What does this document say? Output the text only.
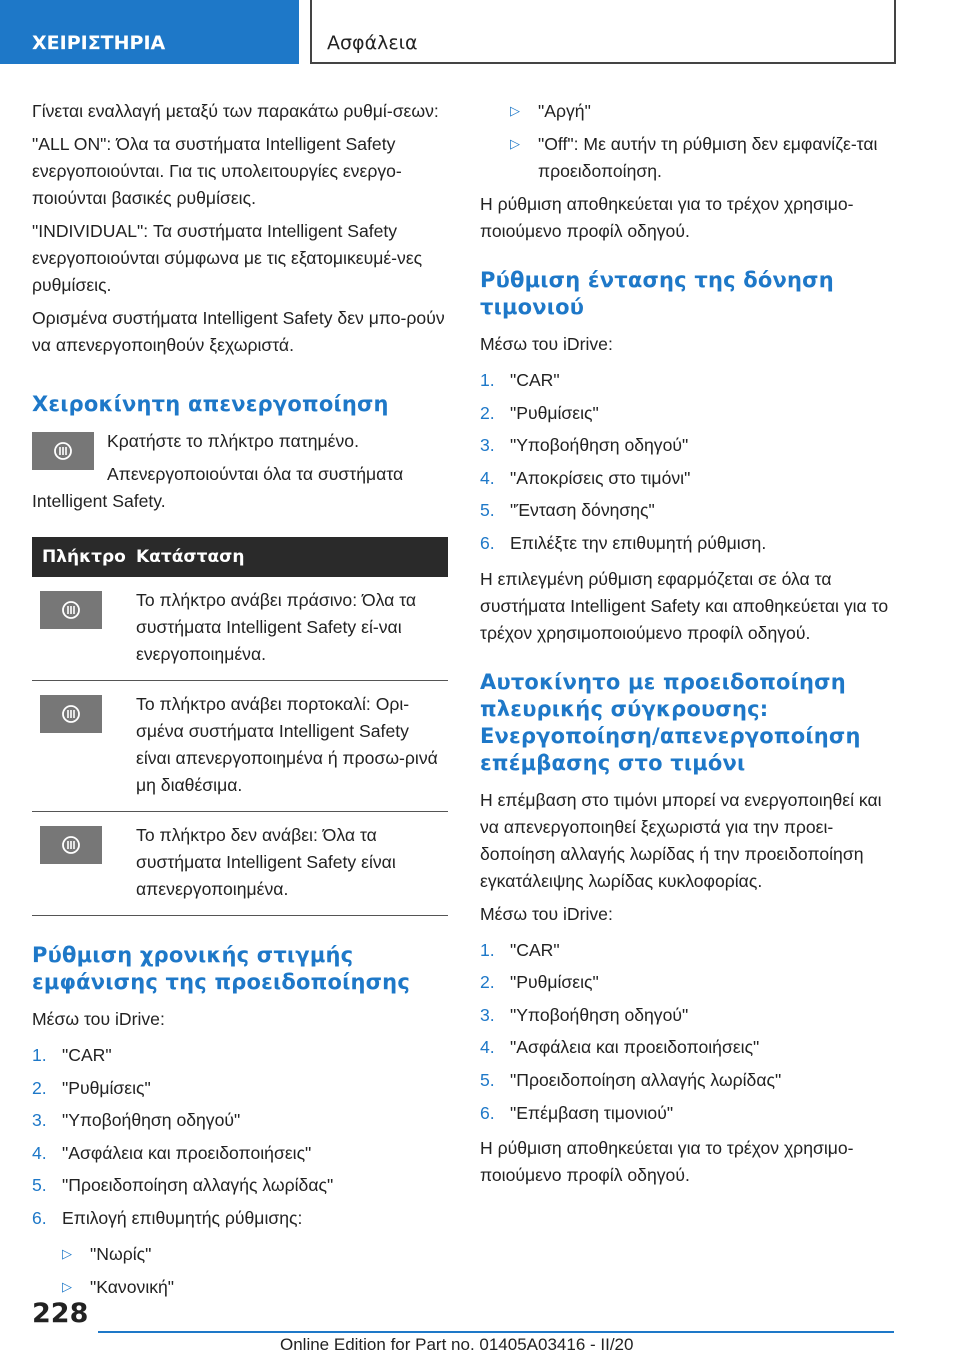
ΧΕΙΡΙΣΤΗΡΙΑ	Ασφάλεια

Γίνεται εναλλαγή μεταξύ των παρακάτω ρυθμί‐σεων:

"ALL ON": Όλα τα συστήματα Intelligent Safety ενεργοποιούνται. Για τις υπολειτουργίες ενεργο‐ποιούνται βασικές ρυθμίσεις.

"INDIVIDUAL": Τα συστήματα Intelligent Safety ενεργοποιούνται σύμφωνα με τις εξατομικευμέ‐νες ρυθμίσεις.

Ορισμένα συστήματα Intelligent Safety δεν μπο‐ρούν να απενεργοποιηθούν ξεχωριστά.

Χειροκίνητη απενεργοποίηση
Κρατήστε το πλήκτρο πατημένο.
Απενεργοποιούνται όλα τα συστήματα
Intelligent Safety.
Πλήκτρο	Κατάσταση

	Το πλήκτρο ανάβει πράσινο: Όλα τα συστήματα Intelligent Safety εί‐ναι ενεργοποιημένα.

	Το πλήκτρο ανάβει πορτοκαλί: Ορι‐σμένα συστήματα Intelligent Safety είναι απενεργοποιημένα ή προσω‐ρινά μη διαθέσιμα.

	Το πλήκτρο δεν ανάβει: Όλα τα συστήματα Intelligent Safety είναι απενεργοποιημένα.
Ρύθμιση χρονικής στιγμής εμφάνισης της προειδοποίησης

Μέσω του iDrive:

1. "CAR"
2. "Ρυθμίσεις"
3. "Υποβοήθηση οδηγού"
4. "Ασφάλεια και προειδοποιήσεις"
5. "Προειδοποίηση αλλαγής λωρίδας"
6. Επιλογή επιθυμητής ρύθμισης:
▷ "Νωρίς"
▷ "Κανονική"
▷ "Αργή"
▷ "Off": Με αυτήν τη ρύθμιση δεν εμφανίζε‐ται προειδοποίηση.

Η ρύθμιση αποθηκεύεται για το τρέχον χρησιμο‐ποιούμενο προφίλ οδηγού.

Ρύθμιση έντασης της δόνηση τιμονιού

Μέσω του iDrive:

1. "CAR"
2. "Ρυθμίσεις"
3. "Υποβοήθηση οδηγού"
4. "Αποκρίσεις στο τιμόνι"
5. "Ένταση δόνησης"
6. Επιλέξτε την επιθυμητή ρύθμιση.

Η επιλεγμένη ρύθμιση εφαρμόζεται σε όλα τα συστήματα Intelligent Safety και αποθηκεύεται για το τρέχον χρησιμοποιούμενο προφίλ οδηγού.

Αυτοκίνητο με προειδοποίηση πλευρικής σύγκρουσης: Ενεργοποίηση/απενεργοποίηση επέμβασης στο τιμόνι

Η επέμβαση στο τιμόνι μπορεί να ενεργοποιηθεί και να απενεργοποιηθεί ξεχωριστά για την προει‐δοποίηση αλλαγής λωρίδας ή την προειδοποίηση εγκατάλειψης λωρίδας κυκλοφορίας.

Μέσω του iDrive:

1. "CAR"
2. "Ρυθμίσεις"
3. "Υποβοήθηση οδηγού"
4. "Ασφάλεια και προειδοποιήσεις"
5. "Προειδοποίηση αλλαγής λωρίδας"
6. "Επέμβαση τιμονιού"

Η ρύθμιση αποθηκεύεται για το τρέχον χρησιμο‐ποιούμενο προφίλ οδηγού.

228
Online Edition for Part no. 01405A03416 - II/20
